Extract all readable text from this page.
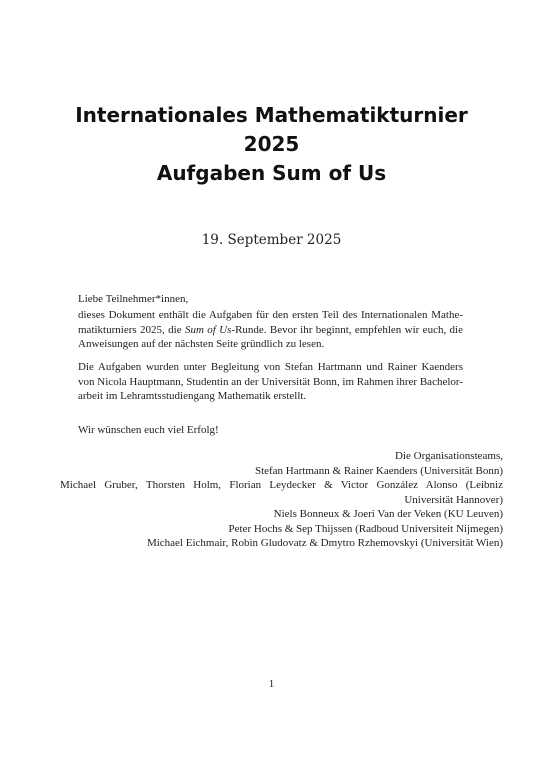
Internationales Mathematikturnier
2025
Aufgaben Sum of Us
19. September 2025

Liebe Teilnehmer*innen,

dieses Dokument enthält die Aufgaben für den ersten Teil des Internationalen Mathe-
matikturniers 2025, die Sum of Us-Runde. Bevor ihr beginnt, empfehlen wir euch, die
Anweisungen auf der nächsten Seite gründlich zu lesen.
Die Aufgaben wurden unter Begleitung von Stefan Hartmann und Rainer Kaenders
von Nicola Hauptmann, Studentin an der Universität Bonn, im Rahmen ihrer Bachelor-
arbeit im Lehramtsstudiengang Mathematik erstellt.

Wir wünschen euch viel Erfolg!

Die Organisationsteams,
Stefan Hartmann & Rainer Kaenders (Universität Bonn)
Michael Gruber, Thorsten Holm, Florian Leydecker & Victor González Alonso (Leibniz
Universität Hannover)
Niels Bonneux & Joeri Van der Veken (KU Leuven)
Peter Hochs & Sep Thijssen (Radboud Universiteit Nijmegen)
Michael Eichmair, Robin Gludovatz & Dmytro Rzhemovskyi (Universität Wien)
1
